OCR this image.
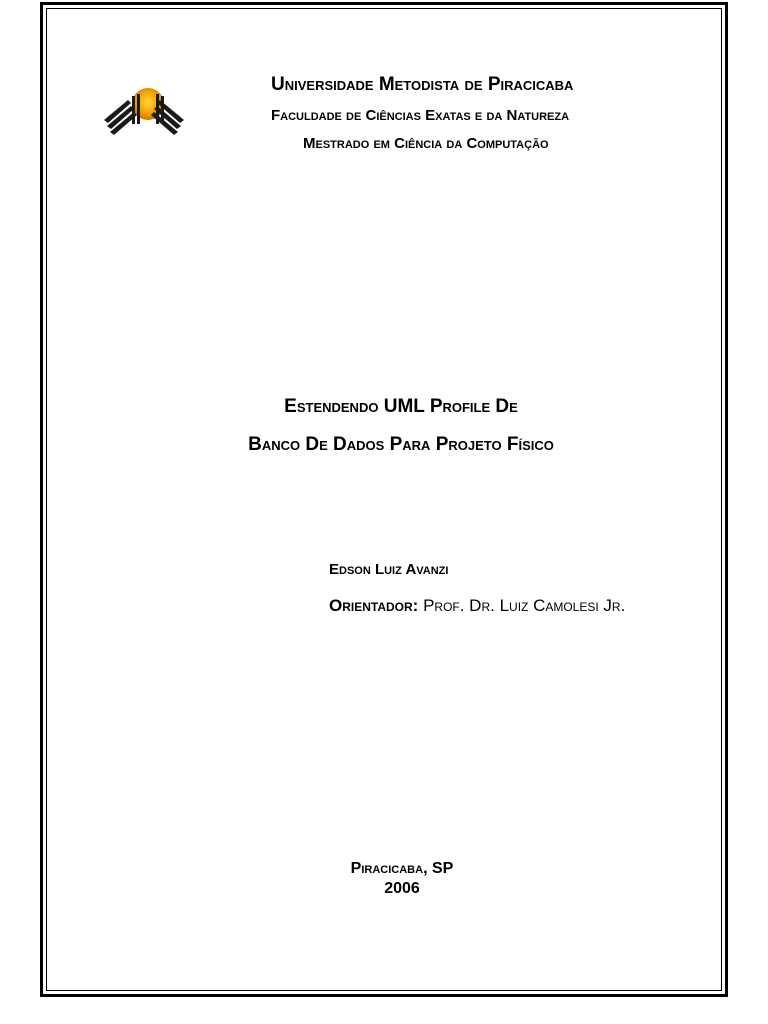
Universidade Metodista de Piracicaba
Faculdade de Ciências Exatas e da Natureza
Mestrado em Ciência da Computação
Estendendo UML Profile De
Banco De Dados Para Projeto Físico
Edson Luiz Avanzi
Orientador: Prof. Dr. Luiz Camolesi Jr.
Piracicaba, SP
2006
